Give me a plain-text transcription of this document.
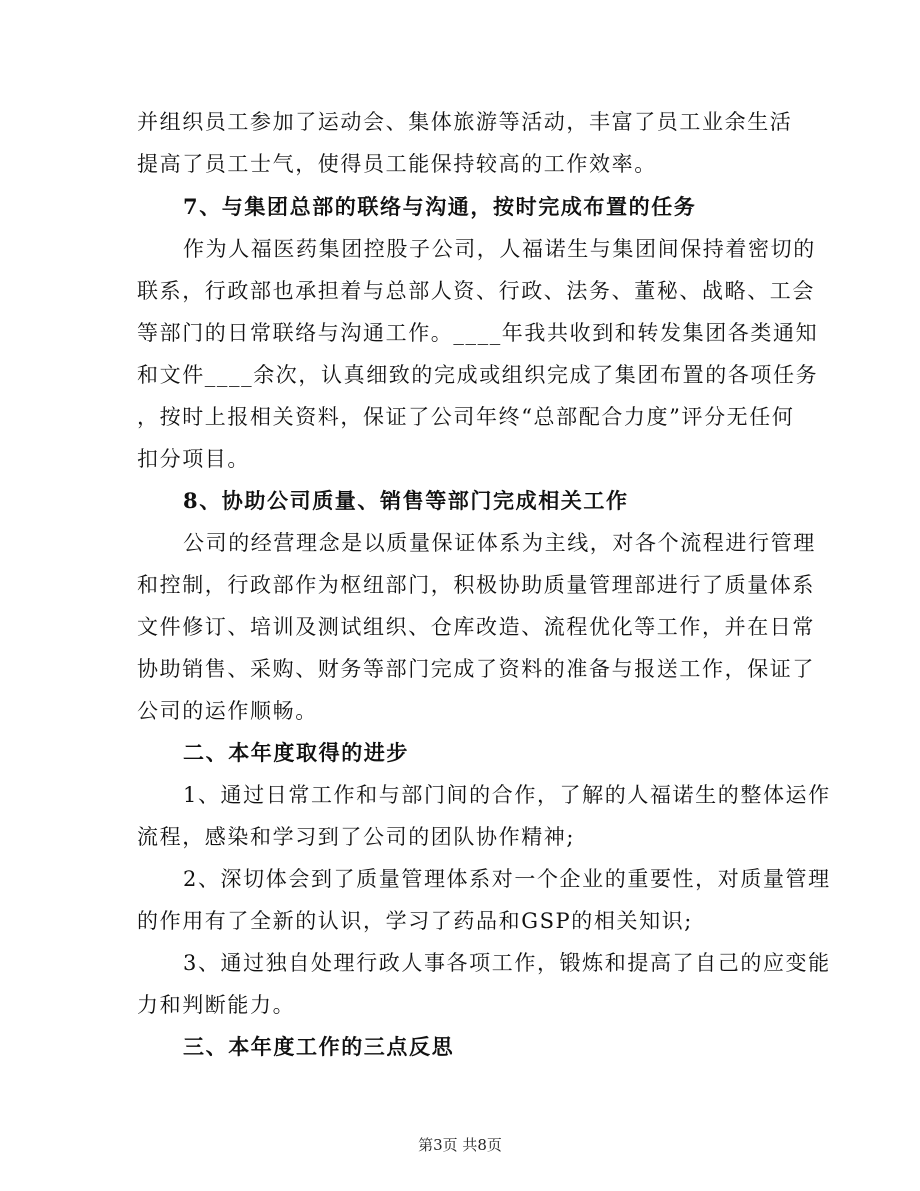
并组织员工参加了运动会、集体旅游等活动，丰富了员工业余生活
提高了员工士气，使得员工能保持较高的工作效率。
7、与集团总部的联络与沟通，按时完成布置的任务
作为人福医药集团控股子公司，人福诺生与集团间保持着密切的
联系，行政部也承担着与总部人资、行政、法务、董秘、战略、工会
等部门的日常联络与沟通工作。____年我共收到和转发集团各类通知
和文件____余次，认真细致的完成或组织完成了集团布置的各项任务
，按时上报相关资料，保证了公司年终“总部配合力度”评分无任何
扣分项目。
8、协助公司质量、销售等部门完成相关工作
公司的经营理念是以质量保证体系为主线，对各个流程进行管理
和控制，行政部作为枢纽部门，积极协助质量管理部进行了质量体系
文件修订、培训及测试组织、仓库改造、流程优化等工作，并在日常
协助销售、采购、财务等部门完成了资料的准备与报送工作，保证了
公司的运作顺畅。
二、本年度取得的进步
1、通过日常工作和与部门间的合作，了解的人福诺生的整体运作
流程，感染和学习到了公司的团队协作精神;
2、深切体会到了质量管理体系对一个企业的重要性，对质量管理
的作用有了全新的认识，学习了药品和GSP的相关知识;
3、通过独自处理行政人事各项工作，锻炼和提高了自己的应变能
力和判断能力。
三、本年度工作的三点反思
第3页 共8页
